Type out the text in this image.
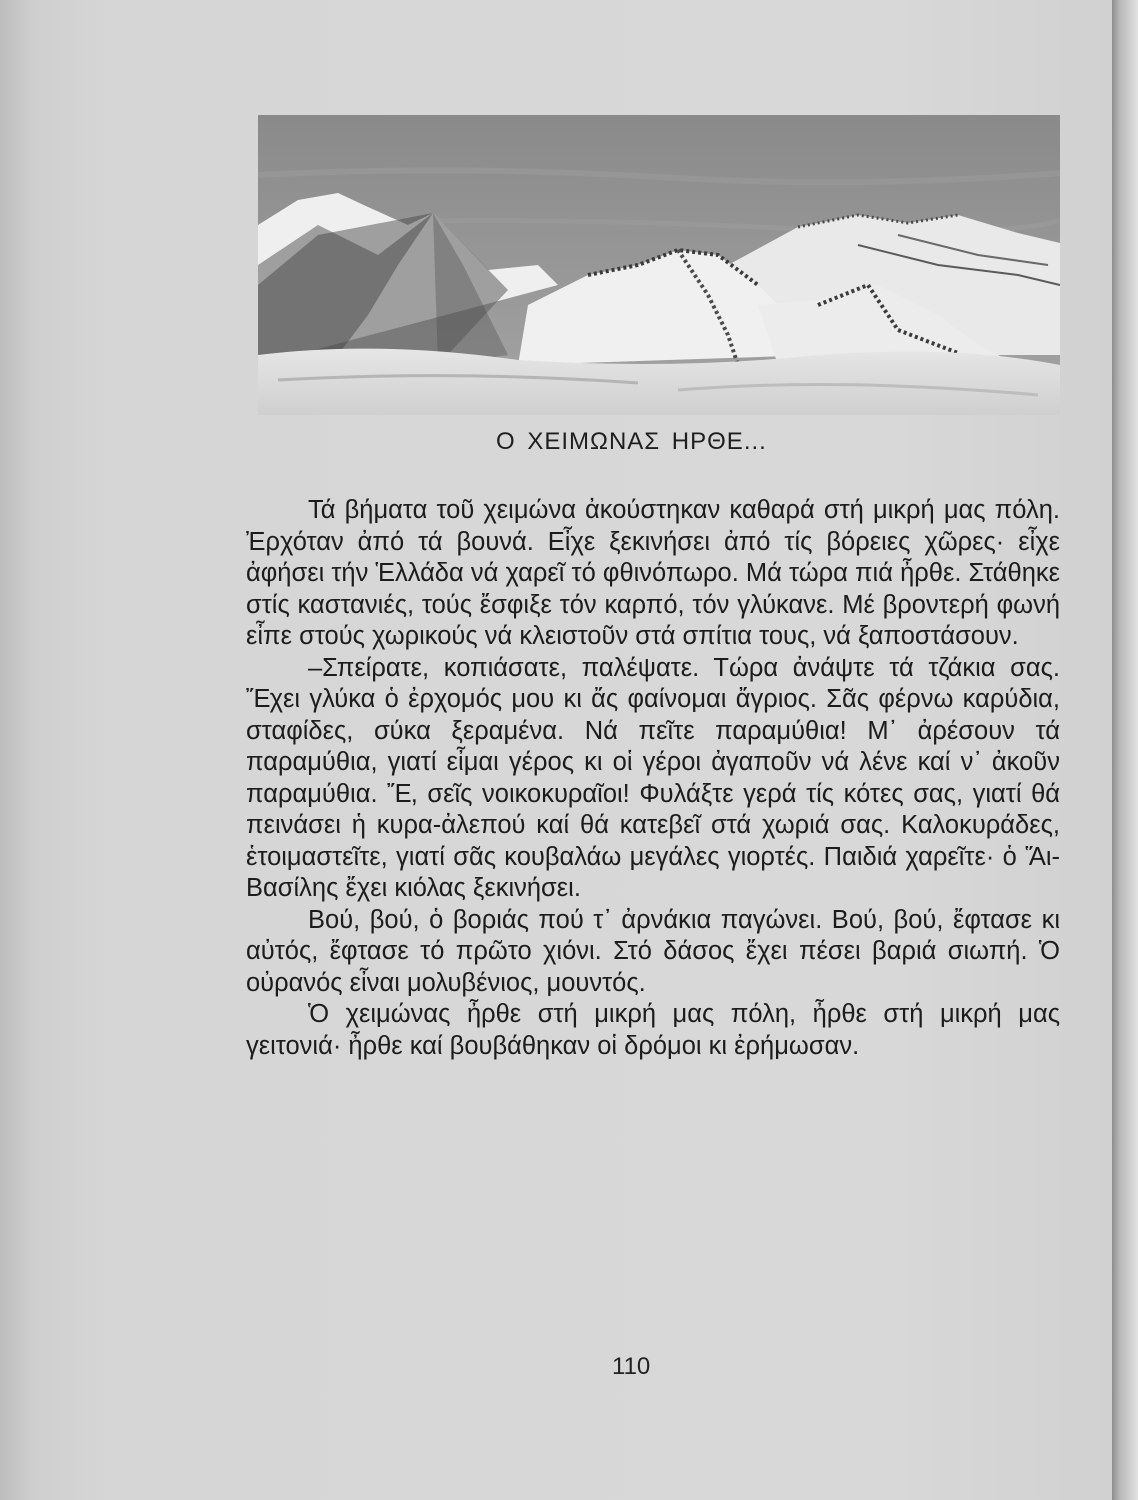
Ο ΧΕΙΜΩΝΑΣ ΗΡΘΕ...

Τά βήματα τοῦ χειμώνα ἀκούστηκαν καθαρά στή μικρή μας πόλη. Ἐρχόταν ἀπό τά βουνά. Εἶχε ξεκινήσει ἀπό τίς βόρειες χῶρες· εἶχε ἀφήσει τήν Ἑλλάδα νά χαρεῖ τό φθινόπωρο. Μά τώρα πιά ἦρθε. Στάθηκε στίς καστανιές, τούς ἔσφιξε τόν καρπό, τόν γλύκανε. Μέ βροντερή φωνή εἶπε στούς χωρικούς νά κλειστοῦν στά σπίτια τους, νά ξαποστάσουν.

–Σπείρατε, κοπιάσατε, παλέψατε. Τώρα ἀνάψτε τά τζάκια σας. Ἔχει γλύκα ὁ ἐρχομός μου κι ἄς φαίνομαι ἄγριος. Σᾶς φέρνω καρύδια, σταφίδες, σύκα ξεραμένα. Νά πεῖτε παραμύθια! Μ᾽ ἀρέσουν τά παραμύθια, γιατί εἶμαι γέρος κι οἱ γέροι ἀγαποῦν νά λένε καί ν᾽ ἀκοῦν παραμύθια. Ἔ, σεῖς νοικοκυραῖοι! Φυλάξτε γερά τίς κότες σας, γιατί θά πεινάσει ἡ κυρα-ἀλεπού καί θά κατεβεῖ στά χωριά σας. Καλοκυράδες, ἑτοιμαστεῖτε, γιατί σᾶς κουβαλάω μεγάλες γιορτές. Παιδιά χαρεῖτε· ὁ Ἅι-Βασίλης ἔχει κιόλας ξεκινήσει.

Βού, βού, ὁ βοριάς πού τ᾽ ἀρνάκια παγώνει. Βού, βού, ἔφτασε κι αὐτός, ἔφτασε τό πρῶτο χιόνι. Στό δάσος ἔχει πέσει βαριά σιωπή. Ὁ οὐρανός εἶναι μολυβένιος, μουντός.

Ὁ χειμώνας ἦρθε στή μικρή μας πόλη, ἦρθε στή μικρή μας γειτονιά· ἦρθε καί βουβάθηκαν οἱ δρόμοι κι ἐρήμωσαν.

110
